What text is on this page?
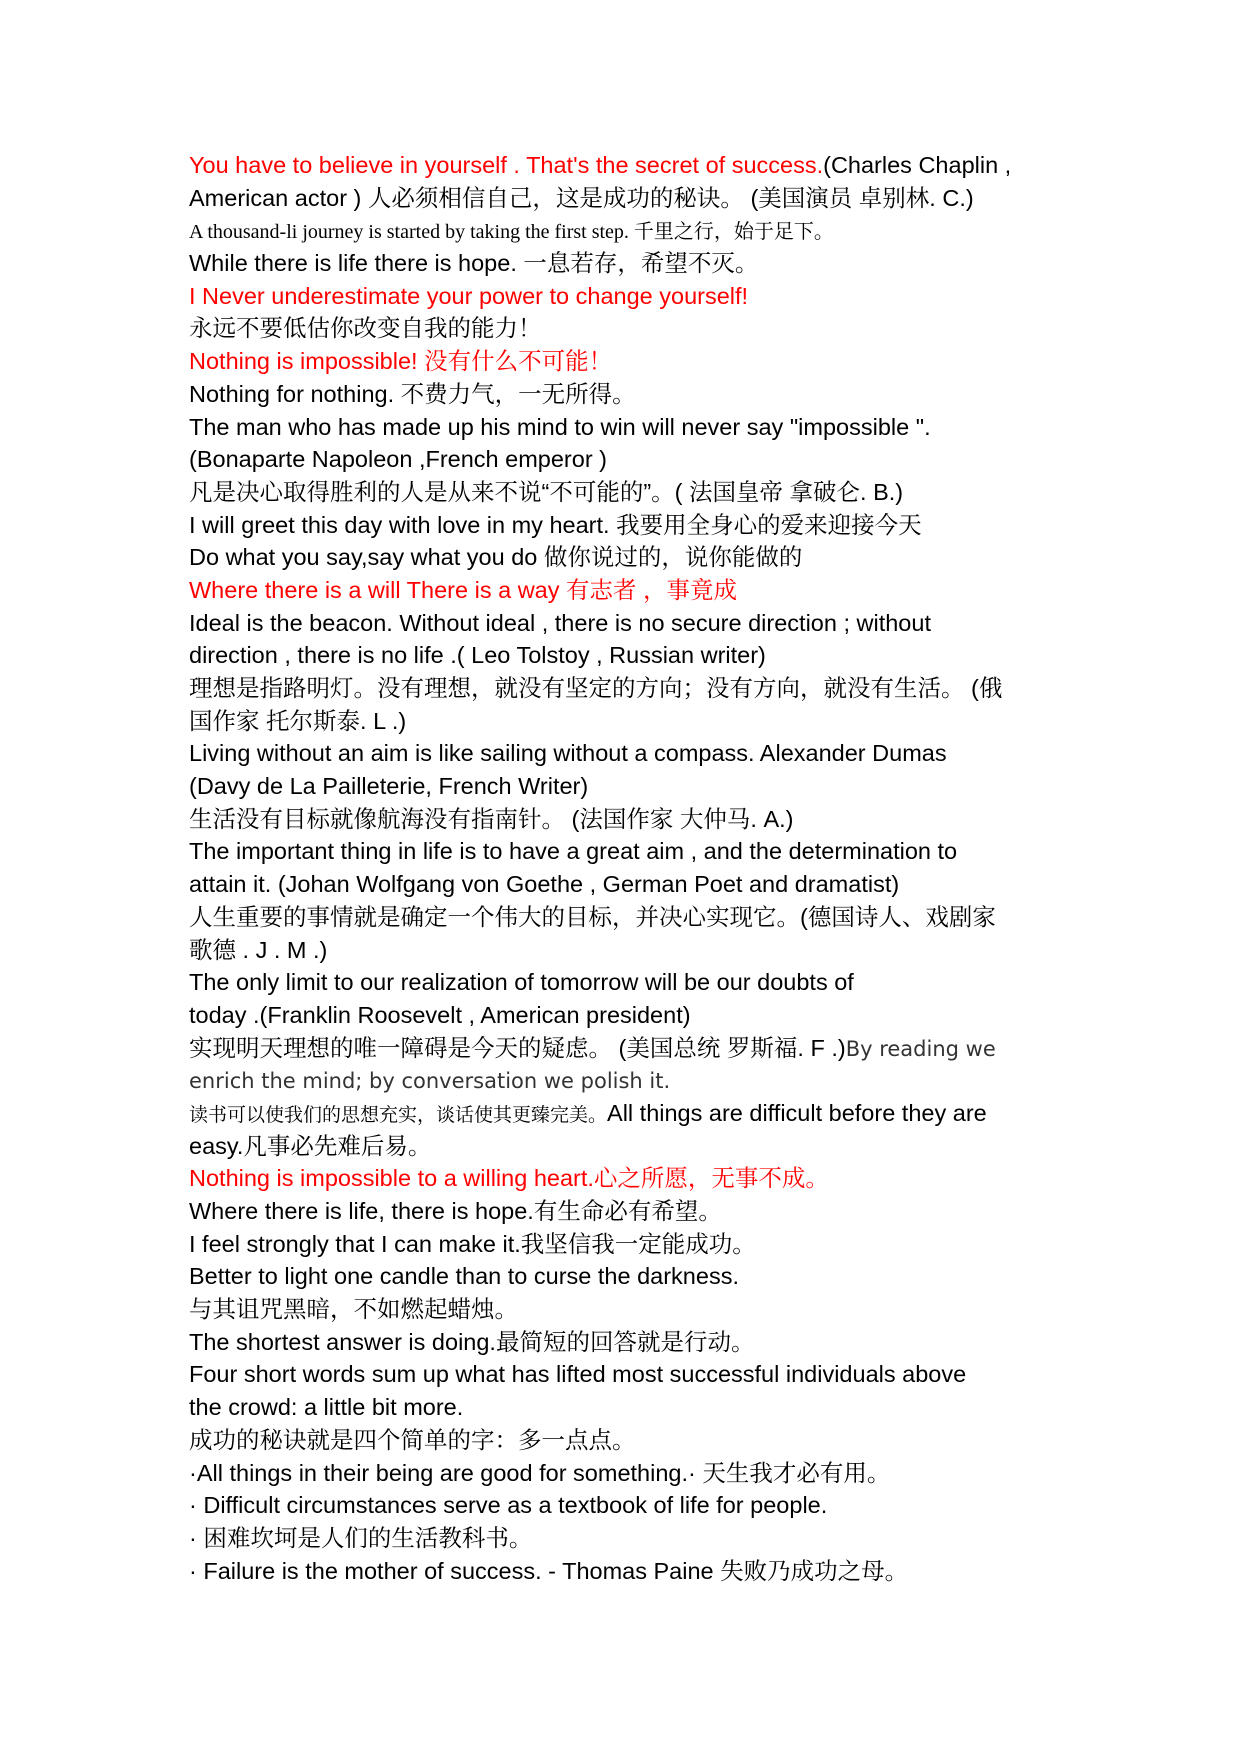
You have to believe in yourself . That's the secret of success.(Charles Chaplin ,
American actor ) 人必须相信自己，这是成功的秘诀。 (美国演员 卓别林. C.)
A thousand-li journey is started by taking the first step. 千里之行，始于足下。
While there is life there is hope. 一息若存，希望不灭。
I Never underestimate your power to change yourself!
永远不要低估你改变自我的能力！
Nothing is impossible! 没有什么不可能！
Nothing for nothing. 不费力气，一无所得。
The man who has made up his mind to win will never say "impossible ".
(Bonaparte Napoleon ,French emperor )
凡是决心取得胜利的人是从来不说“不可能的”。( 法国皇帝 拿破仑. B.)
I will greet this day with love in my heart. 我要用全身心的爱来迎接今天
Do what you say,say what you do 做你说过的，说你能做的
Where there is a will There is a way 有志者 ，事竟成
Ideal is the beacon. Without ideal , there is no secure direction ; without
direction , there is no life .( Leo Tolstoy , Russian writer)
理想是指路明灯。没有理想，就没有坚定的方向；没有方向，就没有生活。 (俄
国作家 托尔斯泰. L .)
Living without an aim is like sailing without a compass. Alexander Dumas
(Davy de La Pailleterie, French Writer)
生活没有目标就像航海没有指南针。 (法国作家 大仲马. A.)
The important thing in life is to have a great aim , and the determination to
attain it. (Johan Wolfgang von Goethe , German Poet and dramatist)
人生重要的事情就是确定一个伟大的目标，并决心实现它。(德国诗人、戏剧家
歌德 . J . M .)
The only limit to our realization of tomorrow will be our doubts of
today .(Franklin Roosevelt , American president)
实现明天理想的唯一障碍是今天的疑虑。 (美国总统 罗斯福. F .)By reading we
enrich the mind; by conversation we polish it.
读书可以使我们的思想充实，谈话使其更臻完美。All things are difficult before they are
easy.凡事必先难后易。
Nothing is impossible to a willing heart.心之所愿，无事不成。
Where there is life, there is hope.有生命必有希望。
I feel strongly that I can make it.我坚信我一定能成功。
Better to light one candle than to curse the darkness.
与其诅咒黑暗，不如燃起蜡烛。
The shortest answer is doing.最简短的回答就是行动。
Four short words sum up what has lifted most successful individuals above
the crowd: a little bit more.
成功的秘诀就是四个简单的字：多一点点。
·All things in their being are good for something.· 天生我才必有用。
· Difficult circumstances serve as a textbook of life for people.
· 困难坎坷是人们的生活教科书。
· Failure is the mother of success. - Thomas Paine 失败乃成功之母。
